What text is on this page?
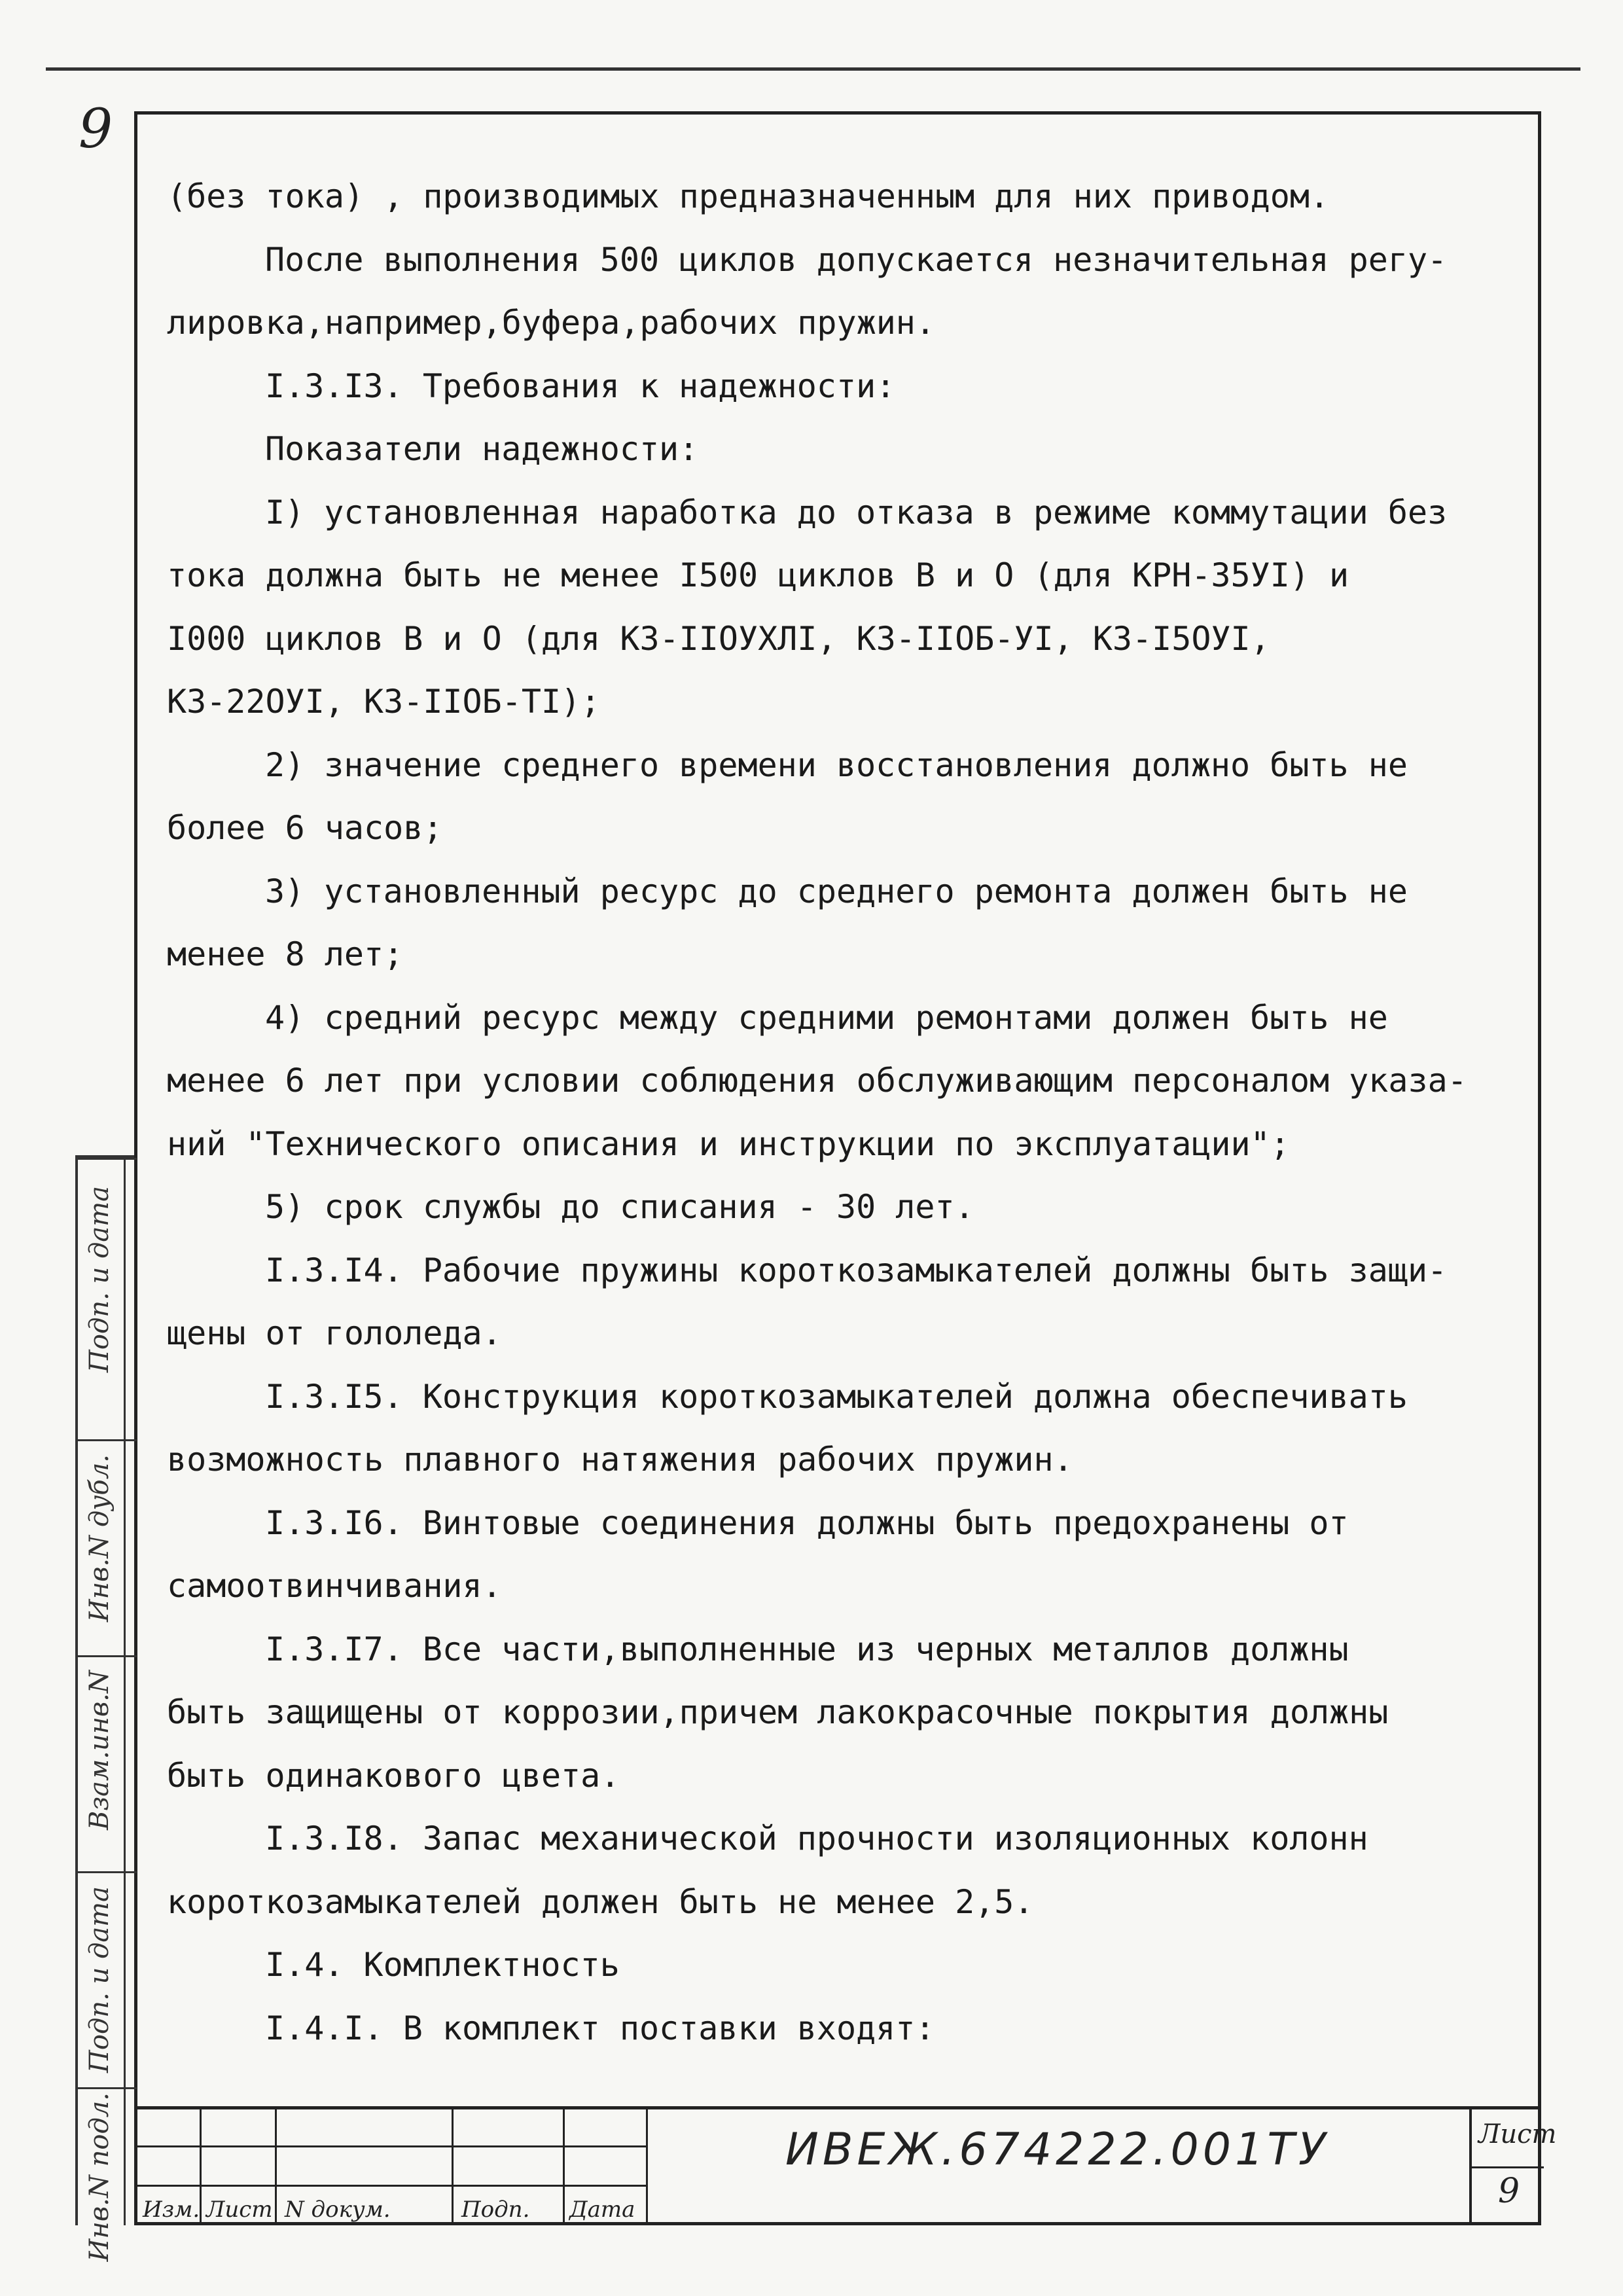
9
(без тока) , производимых предназначенным для них приводом.
После выполнения 500 циклов допускается незначительная регу-
лировка,например,буфера,рабочих пружин.
I.3.I3. Требования к надежности:
Показатели надежности:
I) установленная наработка до отказа в режиме коммутации без
тока должна быть не менее I500 циклов В и О (для КРН-35УI) и
I000 циклов В и О (для КЗ-IIОУХЛI, КЗ-IIОБ-УI, КЗ-I5ОУI,
КЗ-22ОУI, КЗ-IIОБ-ТI);
2) значение среднего времени восстановления должно быть не
более 6 часов;
3) установленный ресурс до среднего ремонта должен быть не
менее 8 лет;
4) средний ресурс между средними ремонтами должен быть не
менее 6 лет при условии соблюдения обслуживающим персоналом указа-
ний "Технического описания и инструкции по эксплуатации";
5) срок службы до списания - 30 лет.
I.3.I4. Рабочие пружины короткозамыкателей должны быть защи-
щены от гололеда.
I.3.I5. Конструкция короткозамыкателей должна обеспечивать
возможность плавного натяжения рабочих пружин.
I.3.I6. Винтовые соединения должны быть предохранены от
самоотвинчивания.
I.3.I7. Все части,выполненные из черных металлов должны
быть защищены от коррозии,причем лакокрасочные покрытия должны
быть одинакового цвета.
I.3.I8. Запас механической прочности изоляционных колонн
короткозамыкателей должен быть не менее 2,5.
I.4. Комплектность
I.4.I. В комплект поставки входят:
Подп. и дата
Инв.N дубл.
Взам.инв.N
Подп. и дата
Инв.N подл. Изм. Лист N докум.	Подп. Дата
ИВЕЖ.674222.001ТУ	Лист
9
